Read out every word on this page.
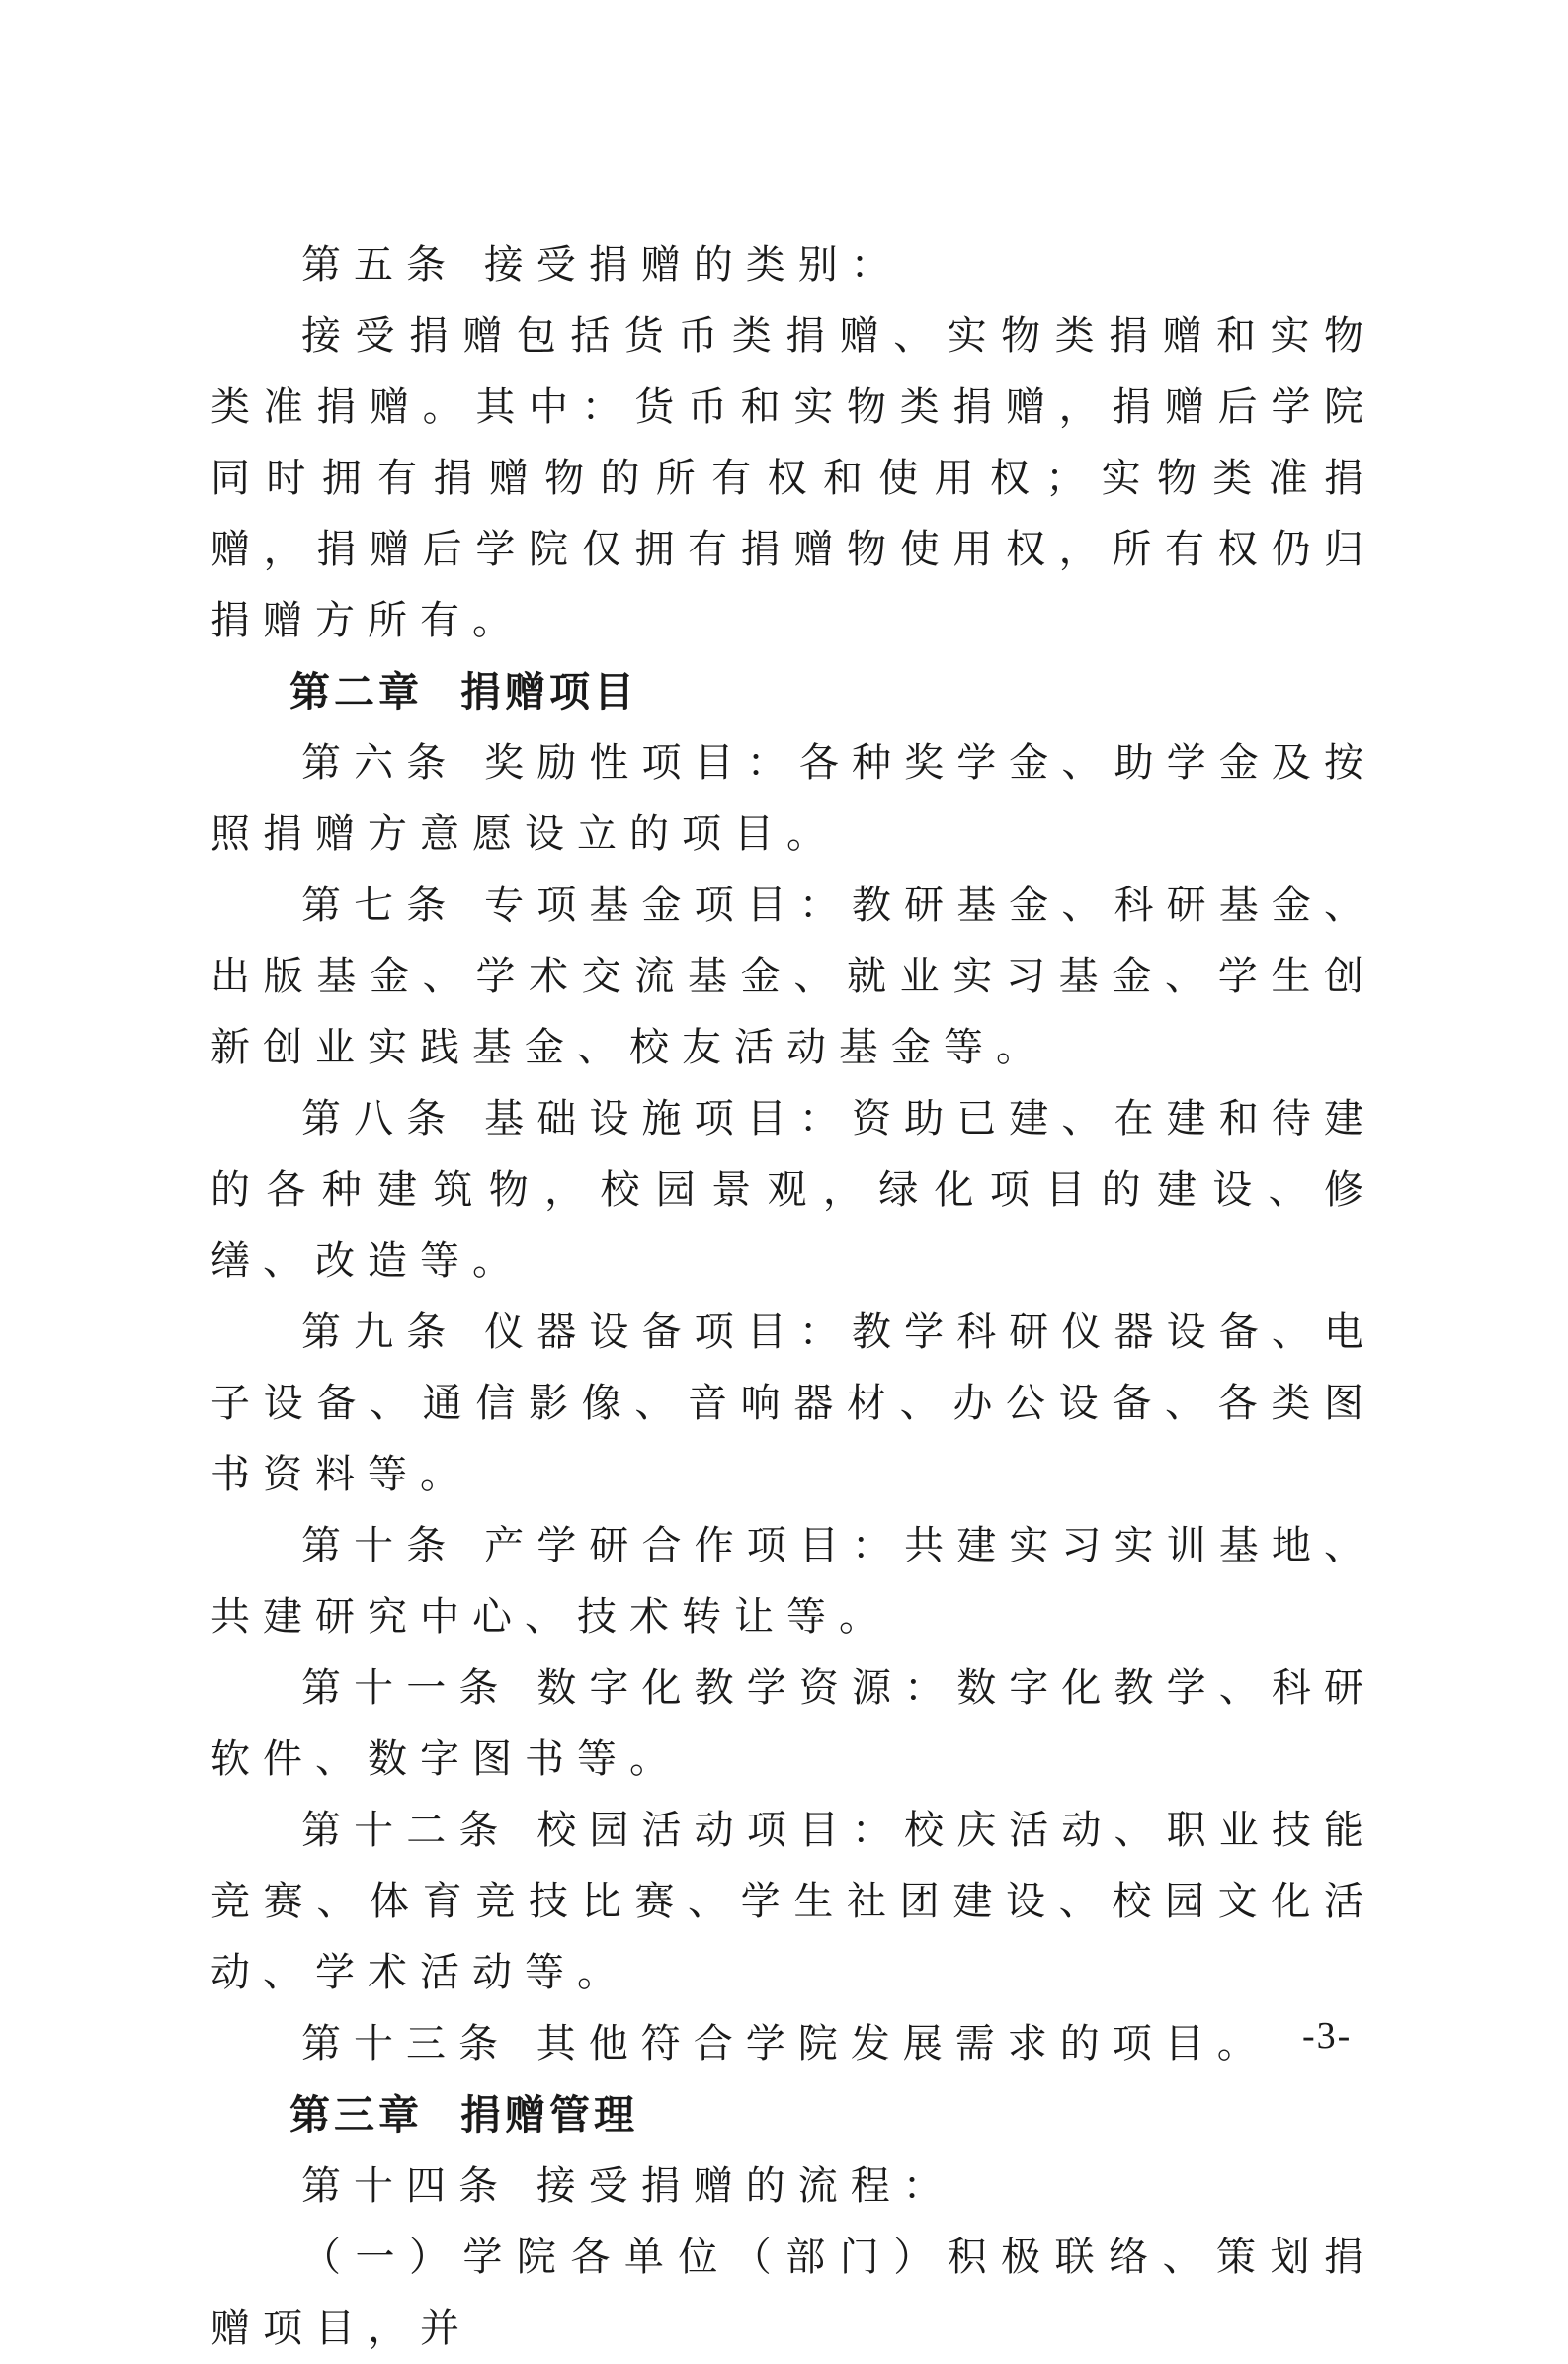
第五条 接受捐赠的类别：

接受捐赠包括货币类捐赠、实物类捐赠和实物类准捐赠。其中：货币和实物类捐赠，捐赠后学院同时拥有捐赠物的所有权和使用权；实物类准捐赠，捐赠后学院仅拥有捐赠物使用权，所有权仍归捐赠方所有。

第二章 捐赠项目

第六条 奖励性项目：各种奖学金、助学金及按照捐赠方意愿设立的项目。

第七条 专项基金项目：教研基金、科研基金、出版基金、学术交流基金、就业实习基金、学生创新创业实践基金、校友活动基金等。

第八条 基础设施项目：资助已建、在建和待建的各种建筑物，校园景观，绿化项目的建设、修缮、改造等。

第九条 仪器设备项目：教学科研仪器设备、电子设备、通信影像、音响器材、办公设备、各类图书资料等。

第十条 产学研合作项目：共建实习实训基地、共建研究中心、技术转让等。

第十一条 数字化教学资源：数字化教学、科研软件、数字图书等。

第十二条 校园活动项目：校庆活动、职业技能竞赛、体育竞技比赛、学生社团建设、校园文化活动、学术活动等。

第十三条 其他符合学院发展需求的项目。

第三章 捐赠管理

第十四条 接受捐赠的流程：

（一）学院各单位（部门）积极联络、策划捐赠项目，并

-3-
